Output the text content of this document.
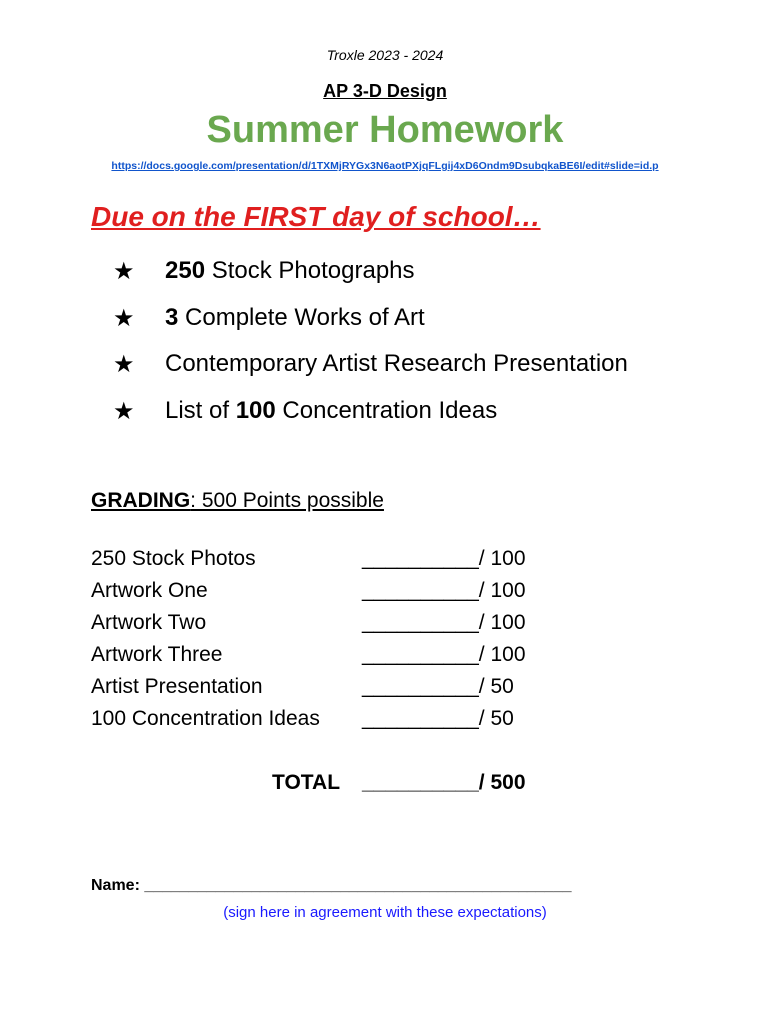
Troxle 2023 - 2024
AP 3-D Design
Summer Homework
https://docs.google.com/presentation/d/1TXMjRYGx3N6aotPXjqFLgij4xD6Ondm9DsubqkaBE6I/edit#slide=id.p
Due on the FIRST day of school…
★ 250 Stock Photographs
★ 3 Complete Works of Art
★ Contemporary Artist Research Presentation
★ List of 100 Concentration Ideas
GRADING: 500 Points possible
250 Stock Photos	__________/ 100
Artwork One	__________/ 100
Artwork Two	__________/ 100
Artwork Three	__________/ 100
Artist Presentation	__________/ 50
100 Concentration Ideas __________/ 50
TOTAL __________/ 500
Name: ________________________________________________
(sign here in agreement with these expectations)
